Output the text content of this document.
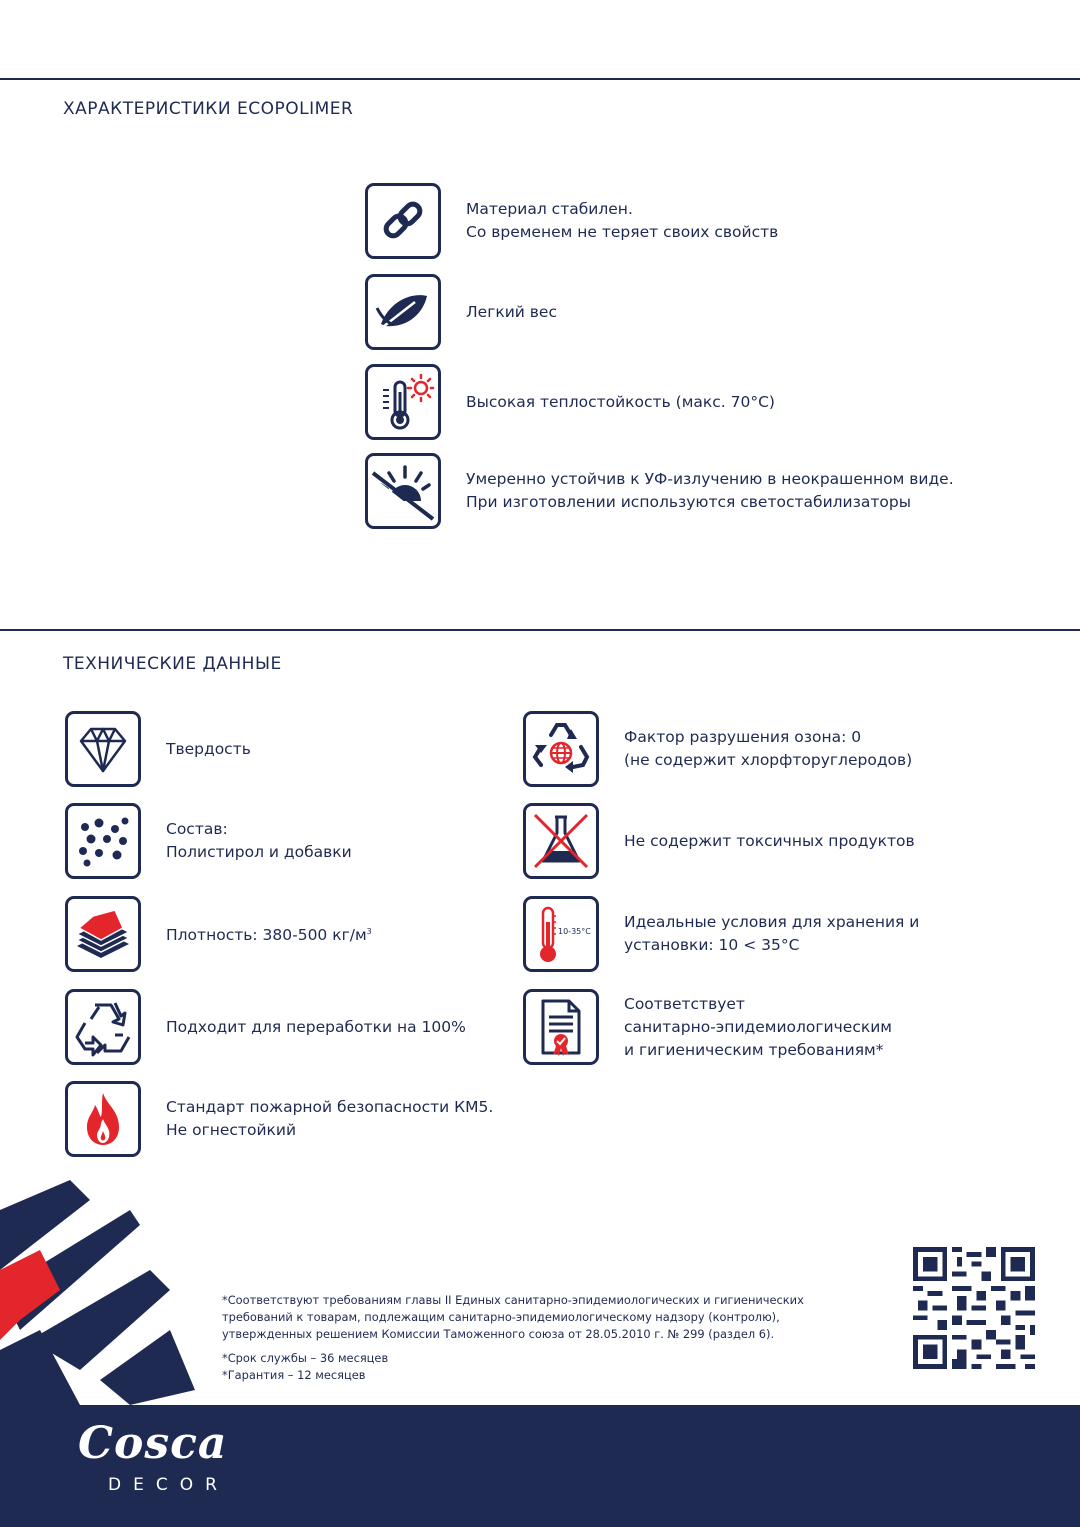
ХАРАКТЕРИСТИКИ ECOPOLIMER
Материал стабилен.
Со временем не теряет своих свойств
Легкий вес
Высокая теплостойкость (макс. 70°С)
Умеренно устойчив к УФ-излучению в неокрашенном виде.
При изготовлении используются светостабилизаторы
ТЕХНИЧЕСКИЕ ДАННЫЕ
Твердость
Состав:
Полистирол и добавки
Плотность: 380-500 $кг/м^3$
Подходит для переработки на 100%
Стандарт пожарной безопасности КМ5.
Не огнестойкий
Фактор разрушения озона: 0
(не содержит хлорфторуглеродов)
Не содержит токсичных продуктов
10-35°С
Идеальные условия для хранения и
установки: 10 < 35°С
Соответствует
санитарно-эпидемиологическим
и гигиеническим требованиям*

*Соответствуют требованиям главы II Единых санитарно-эпидемиологических и гигиенических

требований к товарам, подлежащим санитарно-эпидемиологическому надзору (контролю),

утвержденных решением Комиссии Таможенного союза от 28.05.2010 г. № 299 (раздел 6).

*Срок службы – 36 месяцев

*Гарантия – 12 месяцев

Cosca
DECOR
